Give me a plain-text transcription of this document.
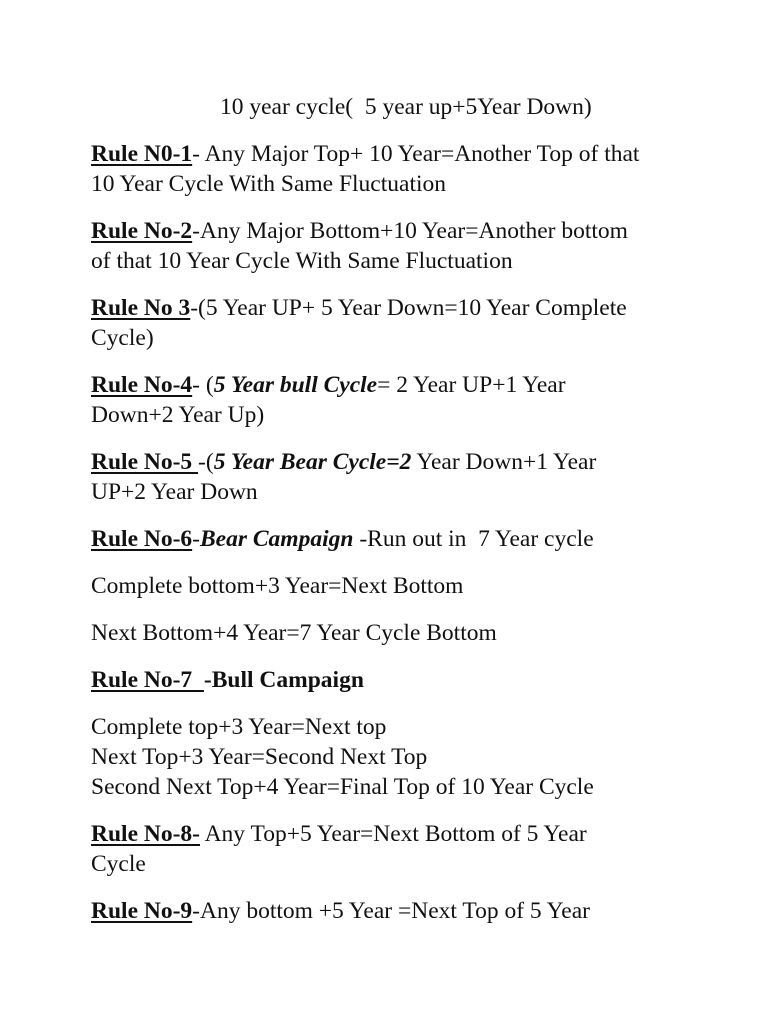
10 year cycle(  5 year up+5Year Down)

Rule N0-1- Any Major Top+ 10 Year=Another Top of that
10 Year Cycle With Same Fluctuation

Rule No-2-Any Major Bottom+10 Year=Another bottom
of that 10 Year Cycle With Same Fluctuation

Rule No 3-(5 Year UP+ 5 Year Down=10 Year Complete
Cycle)

Rule No-4- (5 Year bull Cycle= 2 Year UP+1 Year
Down+2 Year Up)

Rule No-5 -(5 Year Bear Cycle=2 Year Down+1 Year
UP+2 Year Down

Rule No-6-Bear Campaign -Run out in  7 Year cycle

Complete bottom+3 Year=Next Bottom

Next Bottom+4 Year=7 Year Cycle Bottom

Rule No-7  -Bull Campaign

Complete top+3 Year=Next top
Next Top+3 Year=Second Next Top
Second Next Top+4 Year=Final Top of 10 Year Cycle

Rule No-8- Any Top+5 Year=Next Bottom of 5 Year
Cycle

Rule No-9-Any bottom +5 Year =Next Top of 5 Year
